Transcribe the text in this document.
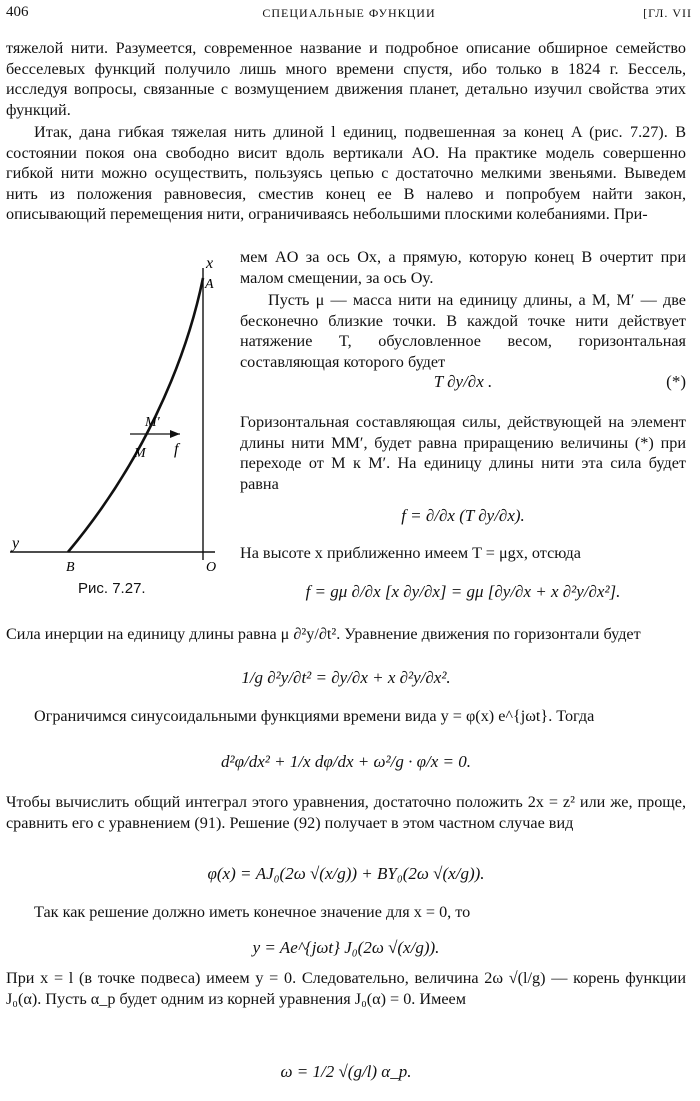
406	СПЕЦИАЛЬНЫЕ ФУНКЦИИ	[ГЛ. VII

тяжелой нити. Разумеется, современное название и подробное описание обширное семейство бесселевых функций получило лишь много времени спустя, ибо только в 1824 г. Бессель, исследуя вопросы, связанные с возмущением движения планет, детально изучил свойства этих функций.

Итак, дана гибкая тяжелая нить длиной l единиц, подвешенная за конец A (рис. 7.27). В состоянии покоя она свободно висит вдоль вертикали AO. На практике модель совершенно гибкой нити можно осуществить, пользуясь цепью с достаточно мелкими звеньями. Выведем нить из положения равновесия, сместив конец ее B налево и попробуем найти закон, описывающий перемещения нити, ограничиваясь небольшими плоскими колебаниями. При-

мем AO за ось Ox, а прямую, которую конец B очертит при малом смещении, за ось Oy.

Пусть μ — масса нити на единицу длины, а M, M′ — две бесконечно близкие точки. В каждой точке нити действует натяжение T, обусловленное весом, горизонтальная составляющая которого будет

T ∂y/∂x .	(*)

Горизонтальная составляющая силы, действующей на элемент длины нити MM′, будет равна приращению величины (*) при переходе от M к M′. На единицу длины нити эта сила будет равна

f = ∂/∂x (T ∂y/∂x).

На высоте x приближенно имеем T = μgx, отсюда

f = gμ ∂/∂x [x ∂y/∂x] = gμ [∂y/∂x + x ∂²y/∂x²].
x
A
M′
M f
y
B	O
Рис. 7.27.

Сила инерции на единицу длины равна μ ∂²y/∂t². Уравнение движения по горизонтали будет

1/g ∂²y/∂t² = ∂y/∂x + x ∂²y/∂x².

Ограничимся синусоидальными функциями времени вида y = φ(x) e^{jωt}. Тогда

d²φ/dx² + 1/x dφ/dx + ω²/g · φ/x = 0.

Чтобы вычислить общий интеграл этого уравнения, достаточно положить 2x = z² или же, проще, сравнить его с уравнением (91). Решение (92) получает в этом частном случае вид

φ(x) = AJ₀(2ω √(x/g)) + BY₀(2ω √(x/g)).

Так как решение должно иметь конечное значение для x = 0, то

y = Ae^{jωt} J₀(2ω √(x/g)).

При x = l (в точке подвеса) имеем y = 0. Следовательно, величина 2ω √(l/g) — корень функции J₀(α). Пусть α_p будет одним из корней уравнения J₀(α) = 0. Имеем

ω = 1/2 √(g/l) α_p.
